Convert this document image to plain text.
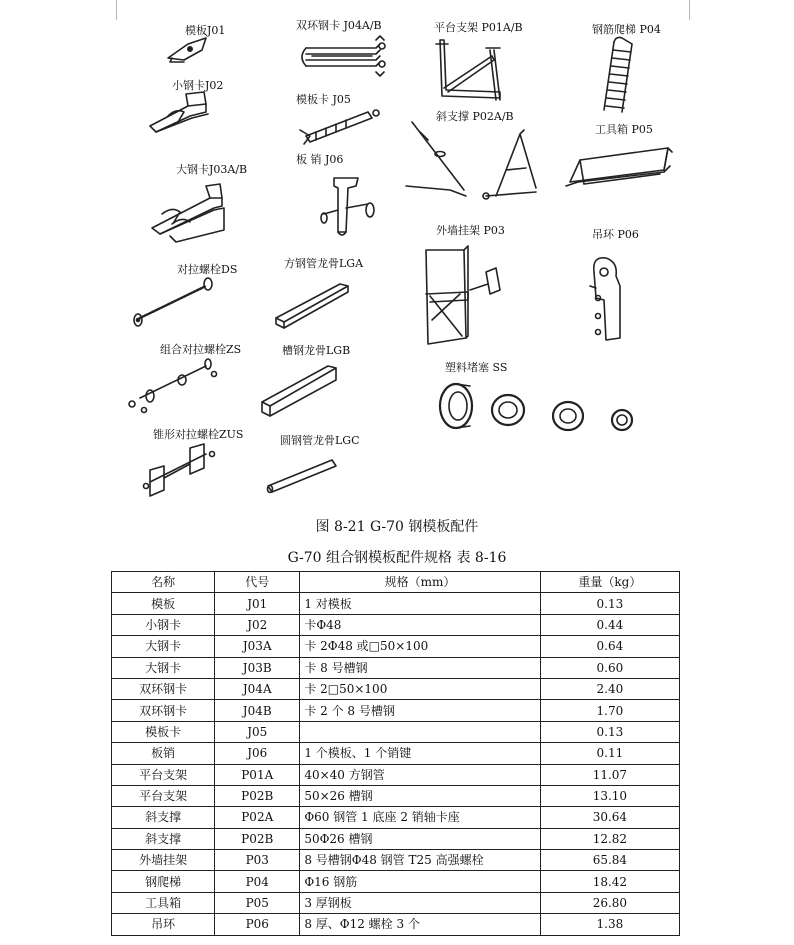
模板J01	双环钢卡 J04A/B	平台支架 P01A/B	钢筋爬梯 P04
小钢卡J02
模板卡 J05
斜支撑 P02A/B
工具箱 P05
大钢卡J03A/B
板 销 J06
外墙挂架 P03	吊环 P06
对拉螺栓DS	方钢管龙骨LGA
组合对拉螺栓ZS	槽钢龙骨LGB
塑料堵塞 SS
锥形对拉螺栓ZUS	圆钢管龙骨LGC
图 8-21 G-70 钢模板配件
G-70 组合钢模板配件规格 表 8-16
名称	代号	规格（mm）	重量（kg）
模板	J01	1 对模板	0.13
小钢卡	J02	卡Φ48	0.44
大钢卡	J03A	卡 2Φ48 或□50×100	0.64
大钢卡	J03B	卡 8 号槽钢	0.60
双环钢卡	J04A	卡 2□50×100	2.40
双环钢卡	J04B	卡 2 个 8 号槽钢	1.70
模板卡	J05		0.13
板销	J06	1 个模板、1 个销键	0.11
平台支架	P01A	40×40 方钢管	11.07
平台支架	P02B	50×26 槽钢	13.10
斜支撑	P02A	Φ60 钢管 1 底座 2 销轴卡座	30.64
斜支撑	P02B	50Φ26 槽钢	12.82
外墙挂架	P03	8 号槽钢Φ48 钢管 T25 高强螺栓	65.84
钢爬梯	P04	Φ16 钢筋	18.42
工具箱	P05	3 厚钢板	26.80
吊环	P06	8 厚、Φ12 螺栓 3 个	1.38
